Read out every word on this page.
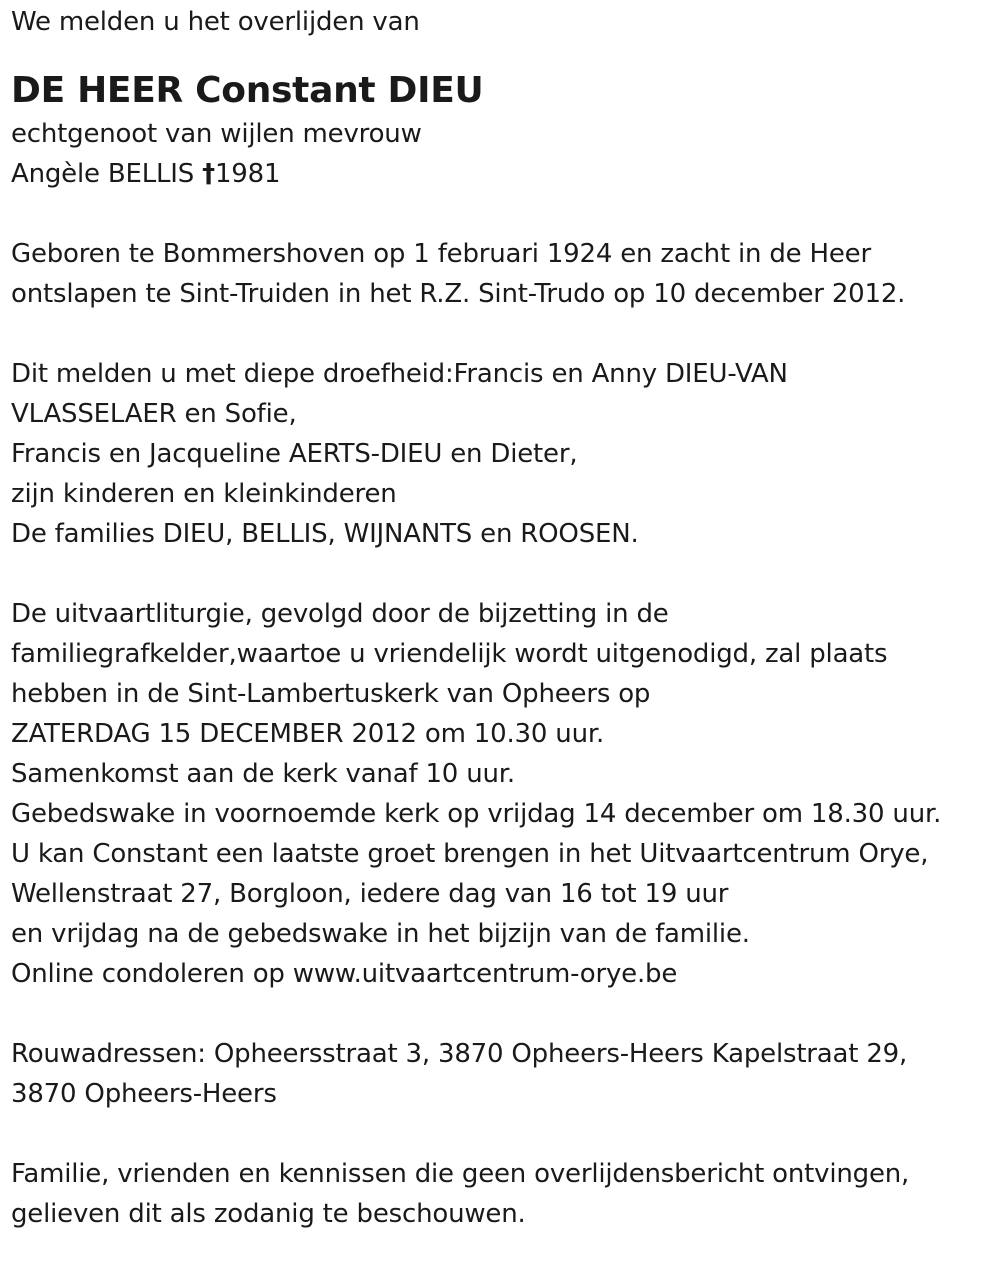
We melden u het overlijden van
DE HEER Constant DIEU
echtgenoot van wijlen mevrouw
Angèle BELLIS †1981
Geboren te Bommershoven op 1 februari 1924 en zacht in de Heer
ontslapen te Sint-Truiden in het R.Z. Sint-Trudo op 10 december 2012.
Dit melden u met diepe droefheid:Francis en Anny DIEU-VAN
VLASSELAER en Sofie,
Francis en Jacqueline AERTS-DIEU en Dieter,
zijn kinderen en kleinkinderen
De families DIEU, BELLIS, WIJNANTS en ROOSEN.
De uitvaartliturgie, gevolgd door de bijzetting in de
familiegrafkelder,waartoe u vriendelijk wordt uitgenodigd, zal plaats
hebben in de Sint-Lambertuskerk van Opheers op
ZATERDAG 15 DECEMBER 2012 om 10.30 uur.
Samenkomst aan de kerk vanaf 10 uur.
Gebedswake in voornoemde kerk op vrijdag 14 december om 18.30 uur.
U kan Constant een laatste groet brengen in het Uitvaartcentrum Orye,
Wellenstraat 27, Borgloon, iedere dag van 16 tot 19 uur
en vrijdag na de gebedswake in het bijzijn van de familie.
Online condoleren op www.uitvaartcentrum-orye.be
Rouwadressen: Opheersstraat 3, 3870 Opheers-Heers Kapelstraat 29,
3870 Opheers-Heers
Familie, vrienden en kennissen die geen overlijdensbericht ontvingen,
gelieven dit als zodanig te beschouwen.
